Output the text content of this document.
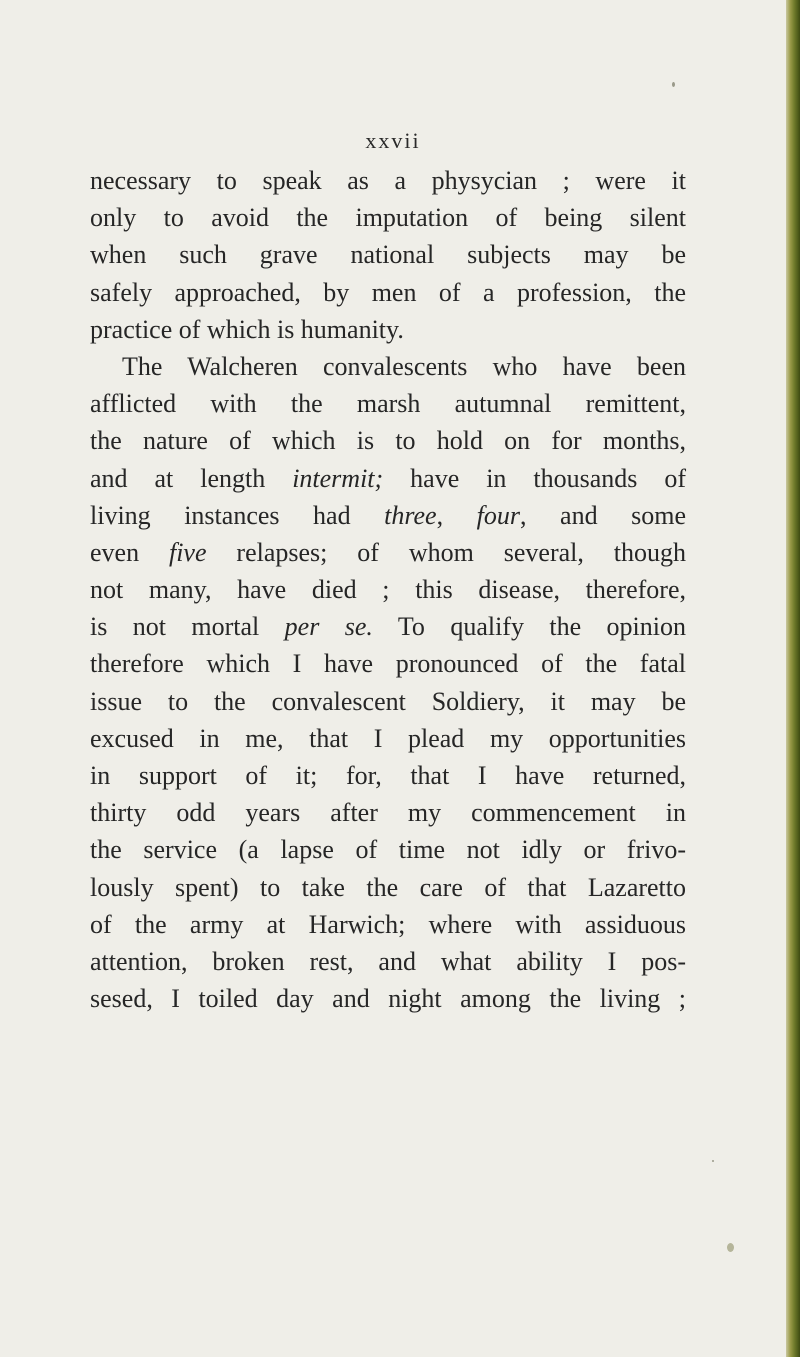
xxvii
necessary to speak as a physycian ; were it
only to avoid the imputation of being silent
when such grave national subjects may be
safely approached, by men of a profession, the
practice of which is humanity.
The Walcheren convalescents who have been
afflicted with the marsh autumnal remittent,
the nature of which is to hold on for months,
and at length intermit; have in thousands of
living instances had three, four, and some
even five relapses; of whom several, though
not many, have died ; this disease, therefore,
is not mortal per se. To qualify the opinion
therefore which I have pronounced of the fatal
issue to the convalescent Soldiery, it may be
excused in me, that I plead my opportunities
in support of it; for, that I have returned,
thirty odd years after my commencement in
the service (a lapse of time not idly or frivo-
lously spent) to take the care of that Lazaretto
of the army at Harwich; where with assiduous
attention, broken rest, and what ability I pos-
sesed, I toiled day and night among the living ;
